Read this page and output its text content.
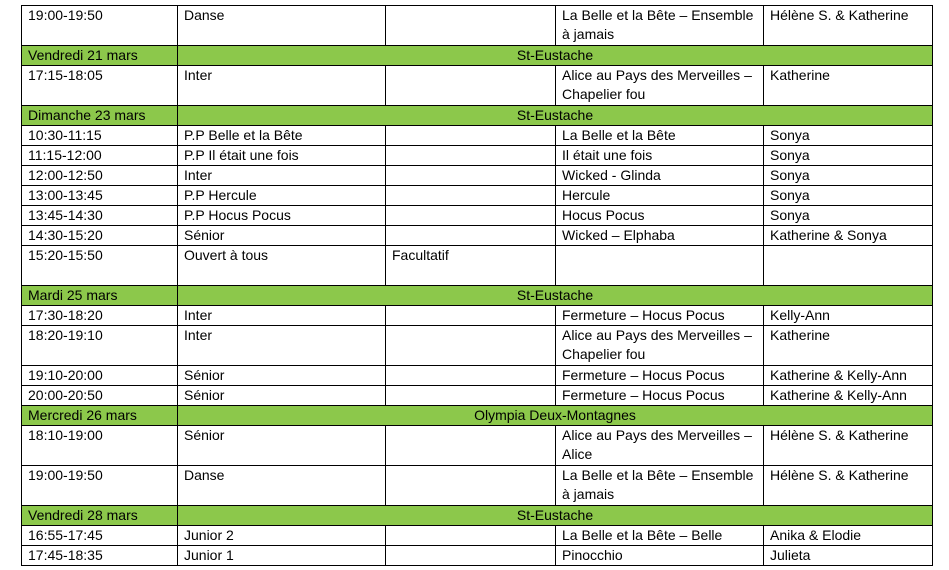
19:00-19:50	Danse		La Belle et la Bête – Ensemble à jamais	Hélène S. & Katherine
Vendredi 21 mars	St-Eustache			
17:15-18:05	Inter		Alice au Pays des Merveilles – Chapelier fou	Katherine
Dimanche 23 mars	St-Eustache			
10:30-11:15	P.P Belle et la Bête		La Belle et la Bête	Sonya
11:15-12:00	P.P Il était une fois		Il était une fois	Sonya
12:00-12:50	Inter		Wicked - Glinda	Sonya
13:00-13:45	P.P Hercule		Hercule	Sonya
13:45-14:30	P.P Hocus Pocus		Hocus Pocus	Sonya
14:30-15:20	Sénior		Wicked – Elphaba	Katherine & Sonya
15:20-15:50	Ouvert à tous	Facultatif		
Mardi 25 mars	St-Eustache			
17:30-18:20	Inter		Fermeture – Hocus Pocus	Kelly-Ann
18:20-19:10	Inter		Alice au Pays des Merveilles – Chapelier fou	Katherine
19:10-20:00	Sénior		Fermeture – Hocus Pocus	Katherine & Kelly-Ann
20:00-20:50	Sénior		Fermeture – Hocus Pocus	Katherine & Kelly-Ann
Mercredi 26 mars	Olympia Deux-Montagnes			
18:10-19:00	Sénior		Alice au Pays des Merveilles – Alice	Hélène S. & Katherine
19:00-19:50	Danse		La Belle et la Bête – Ensemble à jamais	Hélène S. & Katherine
Vendredi 28 mars	St-Eustache			
16:55-17:45	Junior 2		La Belle et la Bête – Belle	Anika & Elodie
17:45-18:35	Junior 1		Pinocchio	Julieta
